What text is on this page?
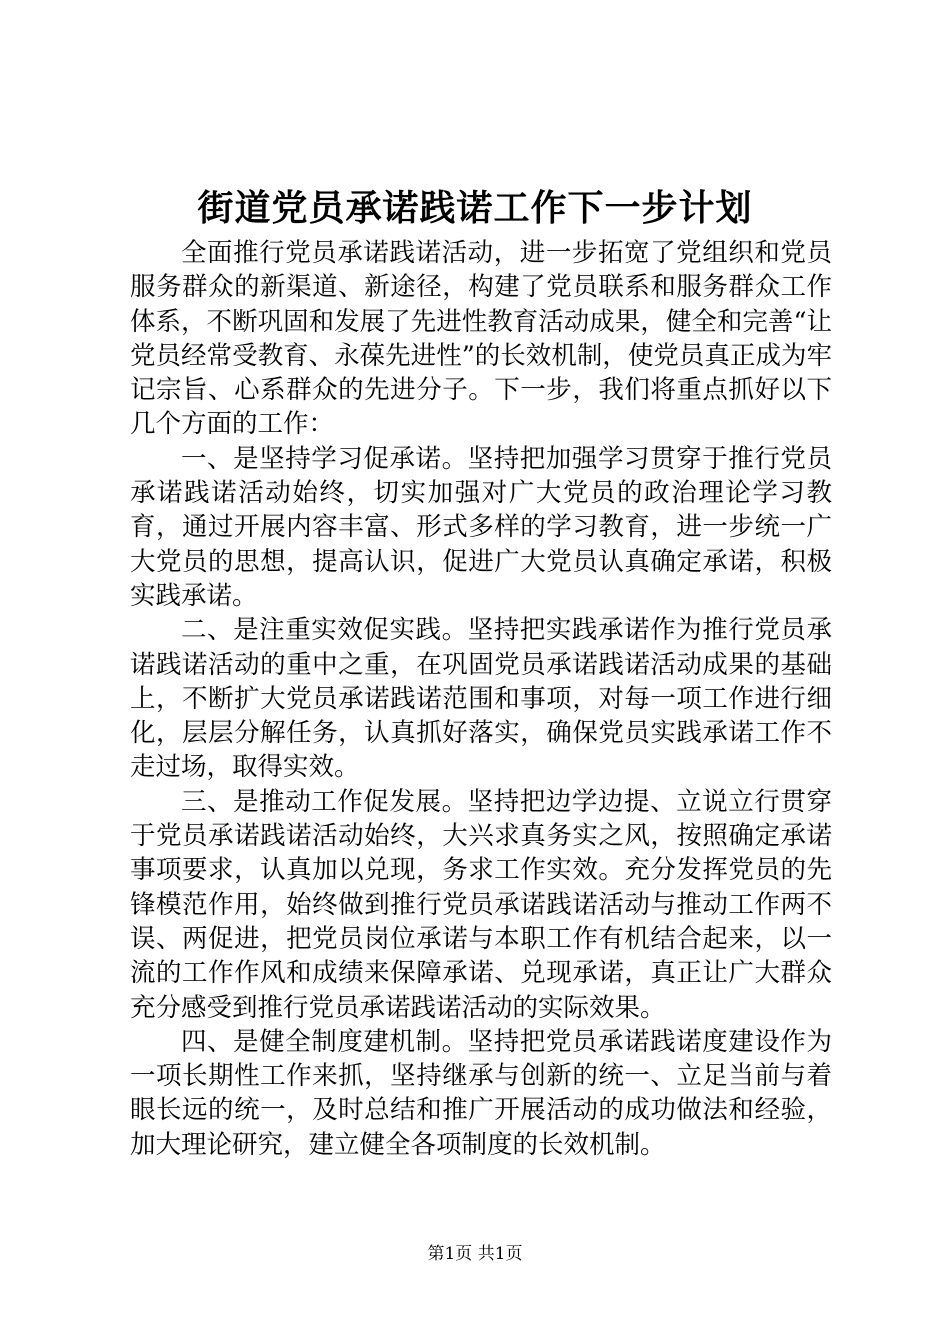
街道党员承诺践诺工作下一步计划

全面推行党员承诺践诺活动，进一步拓宽了党组织和党员服务群众的新渠道、新途径，构建了党员联系和服务群众工作体系，不断巩固和发展了先进性教育活动成果，健全和完善“让党员经常受教育、永葆先进性”的长效机制，使党员真正成为牢记宗旨、心系群众的先进分子。下一步，我们将重点抓好以下几个方面的工作：

一、是坚持学习促承诺。坚持把加强学习贯穿于推行党员承诺践诺活动始终，切实加强对广大党员的政治理论学习教育，通过开展内容丰富、形式多样的学习教育，进一步统一广大党员的思想，提高认识，促进广大党员认真确定承诺，积极实践承诺。

二、是注重实效促实践。坚持把实践承诺作为推行党员承诺践诺活动的重中之重，在巩固党员承诺践诺活动成果的基础上，不断扩大党员承诺践诺范围和事项，对每一项工作进行细化，层层分解任务，认真抓好落实，确保党员实践承诺工作不走过场，取得实效。

三、是推动工作促发展。坚持把边学边提、立说立行贯穿于党员承诺践诺活动始终，大兴求真务实之风，按照确定承诺事项要求，认真加以兑现，务求工作实效。充分发挥党员的先锋模范作用，始终做到推行党员承诺践诺活动与推动工作两不误、两促进，把党员岗位承诺与本职工作有机结合起来，以一流的工作作风和成绩来保障承诺、兑现承诺，真正让广大群众充分感受到推行党员承诺践诺活动的实际效果。

四、是健全制度建机制。坚持把党员承诺践诺度建设作为一项长期性工作来抓，坚持继承与创新的统一、立足当前与着眼长远的统一，及时总结和推广开展活动的成功做法和经验，加大理论研究，建立健全各项制度的长效机制。

第1页 共1页
